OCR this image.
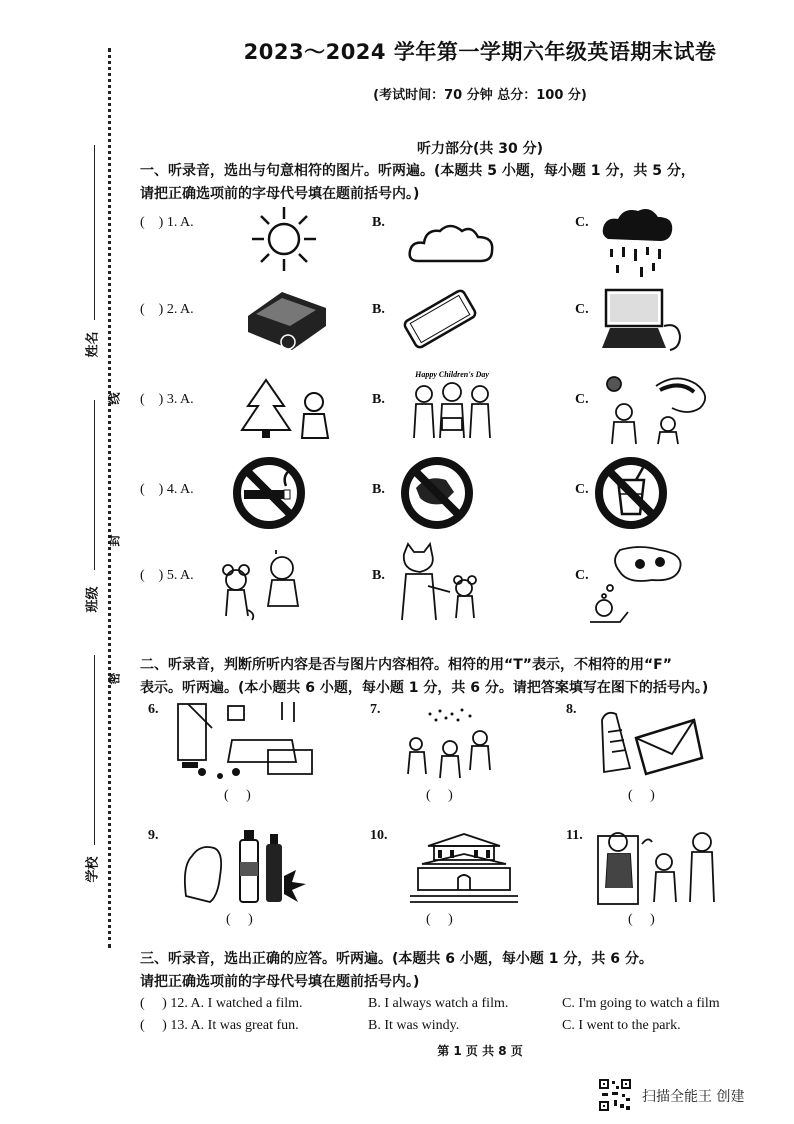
姓名
班级
学校
线
封
密
2023～2024 学年第一学期六年级英语期末试卷
(考试时间：70 分钟 总分：100 分)
听力部分(共 30 分)
一、听录音，选出与句意相符的图片。听两遍。(本题共 5 小题，每小题 1 分，共 5 分，
请把正确选项前的字母代号填在题前括号内。)
(    ) 1. A.	B.	C.
(    ) 2. A.	B.	C.
(    ) 3. A.	B.	C.
Happy Children's Day
(    ) 4. A.	B.	C.
(    ) 5. A.	B.	C.
二、听录音，判断所听内容是否与图片内容相符。相符的用“T”表示，不相符的用“F”
表示。听两遍。(本小题共 6 小题，每小题 1 分，共 6 分。请把答案填写在图下的括号内。)
6.
(     )
7.
(     )
8.
(     )
9.
(     )
10.
(     )
11.
(     )
三、听录音，选出正确的应答。听两遍。(本题共 6 小题，每小题 1 分，共 6 分。
请把正确选项前的字母代号填在题前括号内。)
(     ) 12. A. I watched a film.	B. I always watch a film.	C. I'm going to watch a film
(     ) 13. A. It was great fun.	B. It was windy.	C. I went to the park.
第 1 页 共 8 页
扫描全能王 创建
